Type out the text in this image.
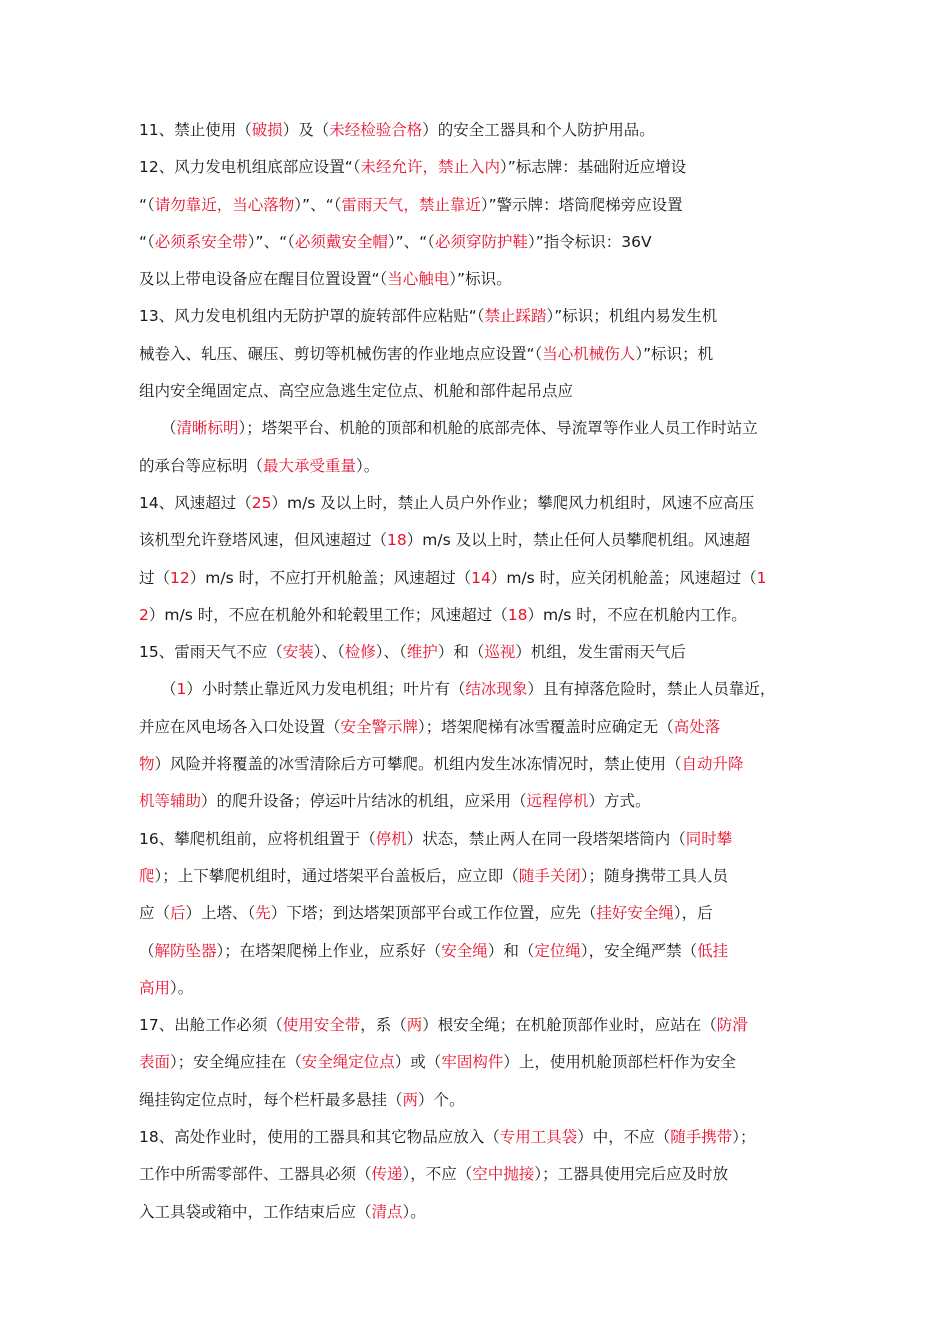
11、禁止使用（破损）及（未经检验合格）的安全工器具和个人防护用品。
12、风力发电机组底部应设置“（未经允许，禁止入内）”标志牌：基础附近应增设
“（请勿靠近，当心落物）”、“（雷雨天气，禁止靠近）”警示牌：塔筒爬梯旁应设置
“（必须系安全带）”、“（必须戴安全帽）”、“（必须穿防护鞋）”指令标识：36V
及以上带电设备应在醒目位置设置“（当心触电）”标识。
13、风力发电机组内无防护罩的旋转部件应粘贴“（禁止踩踏）”标识；机组内易发生机
械卷入、轧压、碾压、剪切等机械伤害的作业地点应设置“（当心机械伤人）”标识；机
组内安全绳固定点、高空应急逃生定位点、机舱和部件起吊点应
（清晰标明）；塔架平台、机舱的顶部和机舱的底部壳体、导流罩等作业人员工作时站立
的承台等应标明（最大承受重量）。
14、风速超过（25）m/s 及以上时，禁止人员户外作业；攀爬风力机组时，风速不应高压
该机型允许登塔风速，但风速超过（18）m/s 及以上时，禁止任何人员攀爬机组。风速超
过（12）m/s 时，不应打开机舱盖；风速超过（14）m/s 时，应关闭机舱盖；风速超过（1
2）m/s 时，不应在机舱外和轮毂里工作；风速超过（18）m/s 时，不应在机舱内工作。
15、雷雨天气不应（安装）、（检修）、（维护）和（巡视）机组，发生雷雨天气后
（1）小时禁止靠近风力发电机组；叶片有（结冰现象）且有掉落危险时，禁止人员靠近，
并应在风电场各入口处设置（安全警示牌）；塔架爬梯有冰雪覆盖时应确定无（高处落
物）风险并将覆盖的冰雪清除后方可攀爬。机组内发生冰冻情况时，禁止使用（自动升降
机等辅助）的爬升设备；停运叶片结冰的机组，应采用（远程停机）方式。
16、攀爬机组前，应将机组置于（停机）状态，禁止两人在同一段塔架塔筒内（同时攀
爬）；上下攀爬机组时，通过塔架平台盖板后，应立即（随手关闭）；随身携带工具人员
应（后）上塔、（先）下塔；到达塔架顶部平台或工作位置，应先（挂好安全绳），后
（解防坠器）；在塔架爬梯上作业，应系好（安全绳）和（定位绳），安全绳严禁（低挂
高用）。
17、出舱工作必须（使用安全带，系（两）根安全绳；在机舱顶部作业时，应站在（防滑
表面）；安全绳应挂在（安全绳定位点）或（牢固构件）上，使用机舱顶部栏杆作为安全
绳挂钩定位点时，每个栏杆最多悬挂（两）个。
18、高处作业时，使用的工器具和其它物品应放入（专用工具袋）中，不应（随手携带）；
工作中所需零部件、工器具必须（传递），不应（空中抛接）；工器具使用完后应及时放
入工具袋或箱中，工作结束后应（清点）。
